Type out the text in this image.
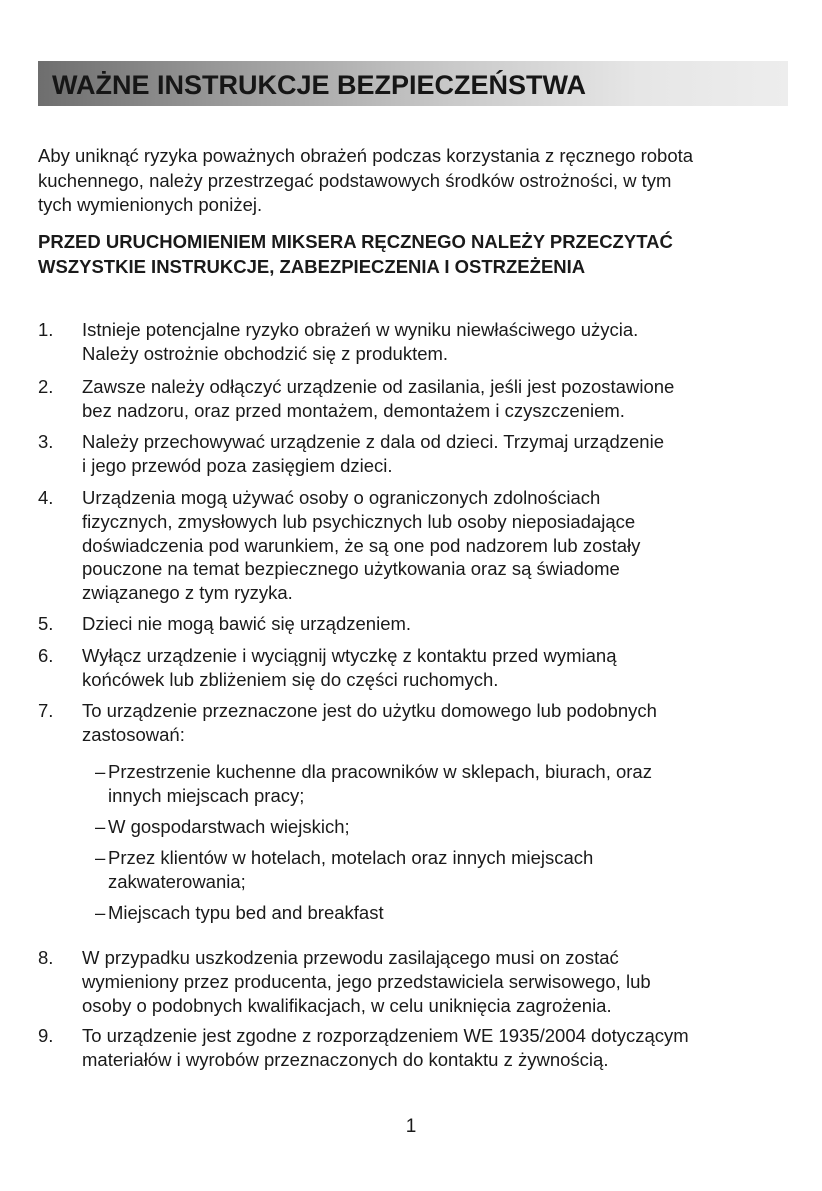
WAŻNE INSTRUKCJE BEZPIECZEŃSTWA
Aby uniknąć ryzyka poważnych obrażeń podczas korzystania z ręcznego robota
kuchennego, należy przestrzegać podstawowych środków ostrożności, w tym
tych wymienionych poniżej.
PRZED URUCHOMIENIEM MIKSERA RĘCZNEGO NALEŻY PRZECZYTAĆ
WSZYSTKIE INSTRUKCJE, ZABEZPIECZENIA I OSTRZEŻENIA
1. Istnieje potencjalne ryzyko obrażeń w wyniku niewłaściwego użycia.
Należy ostrożnie obchodzić się z produktem.
2. Zawsze należy odłączyć urządzenie od zasilania, jeśli jest pozostawione
bez nadzoru, oraz przed montażem, demontażem i czyszczeniem.
3. Należy przechowywać urządzenie z dala od dzieci. Trzymaj urządzenie
i jego przewód poza zasięgiem dzieci.
4. Urządzenia mogą używać osoby o ograniczonych zdolnościach
fizycznych, zmysłowych lub psychicznych lub osoby nieposiadające
doświadczenia pod warunkiem, że są one pod nadzorem lub zostały
pouczone na temat bezpiecznego użytkowania oraz są świadome
związanego z tym ryzyka.
5. Dzieci nie mogą bawić się urządzeniem.
6. Wyłącz urządzenie i wyciągnij wtyczkę z kontaktu przed wymianą
końcówek lub zbliżeniem się do części ruchomych.
7. To urządzenie przeznaczone jest do użytku domowego lub podobnych
zastosowań:
– Przestrzenie kuchenne dla pracowników w sklepach, biurach, oraz
innych miejscach pracy;
– W gospodarstwach wiejskich;
– Przez klientów w hotelach, motelach oraz innych miejscach
zakwaterowania;
– Miejscach typu bed and breakfast
8. W przypadku uszkodzenia przewodu zasilającego musi on zostać
wymieniony przez producenta, jego przedstawiciela serwisowego, lub
osoby o podobnych kwalifikacjach, w celu uniknięcia zagrożenia.
9. To urządzenie jest zgodne z rozporządzeniem WE 1935/2004 dotyczącym
materiałów i wyrobów przeznaczonych do kontaktu z żywnością.
1
